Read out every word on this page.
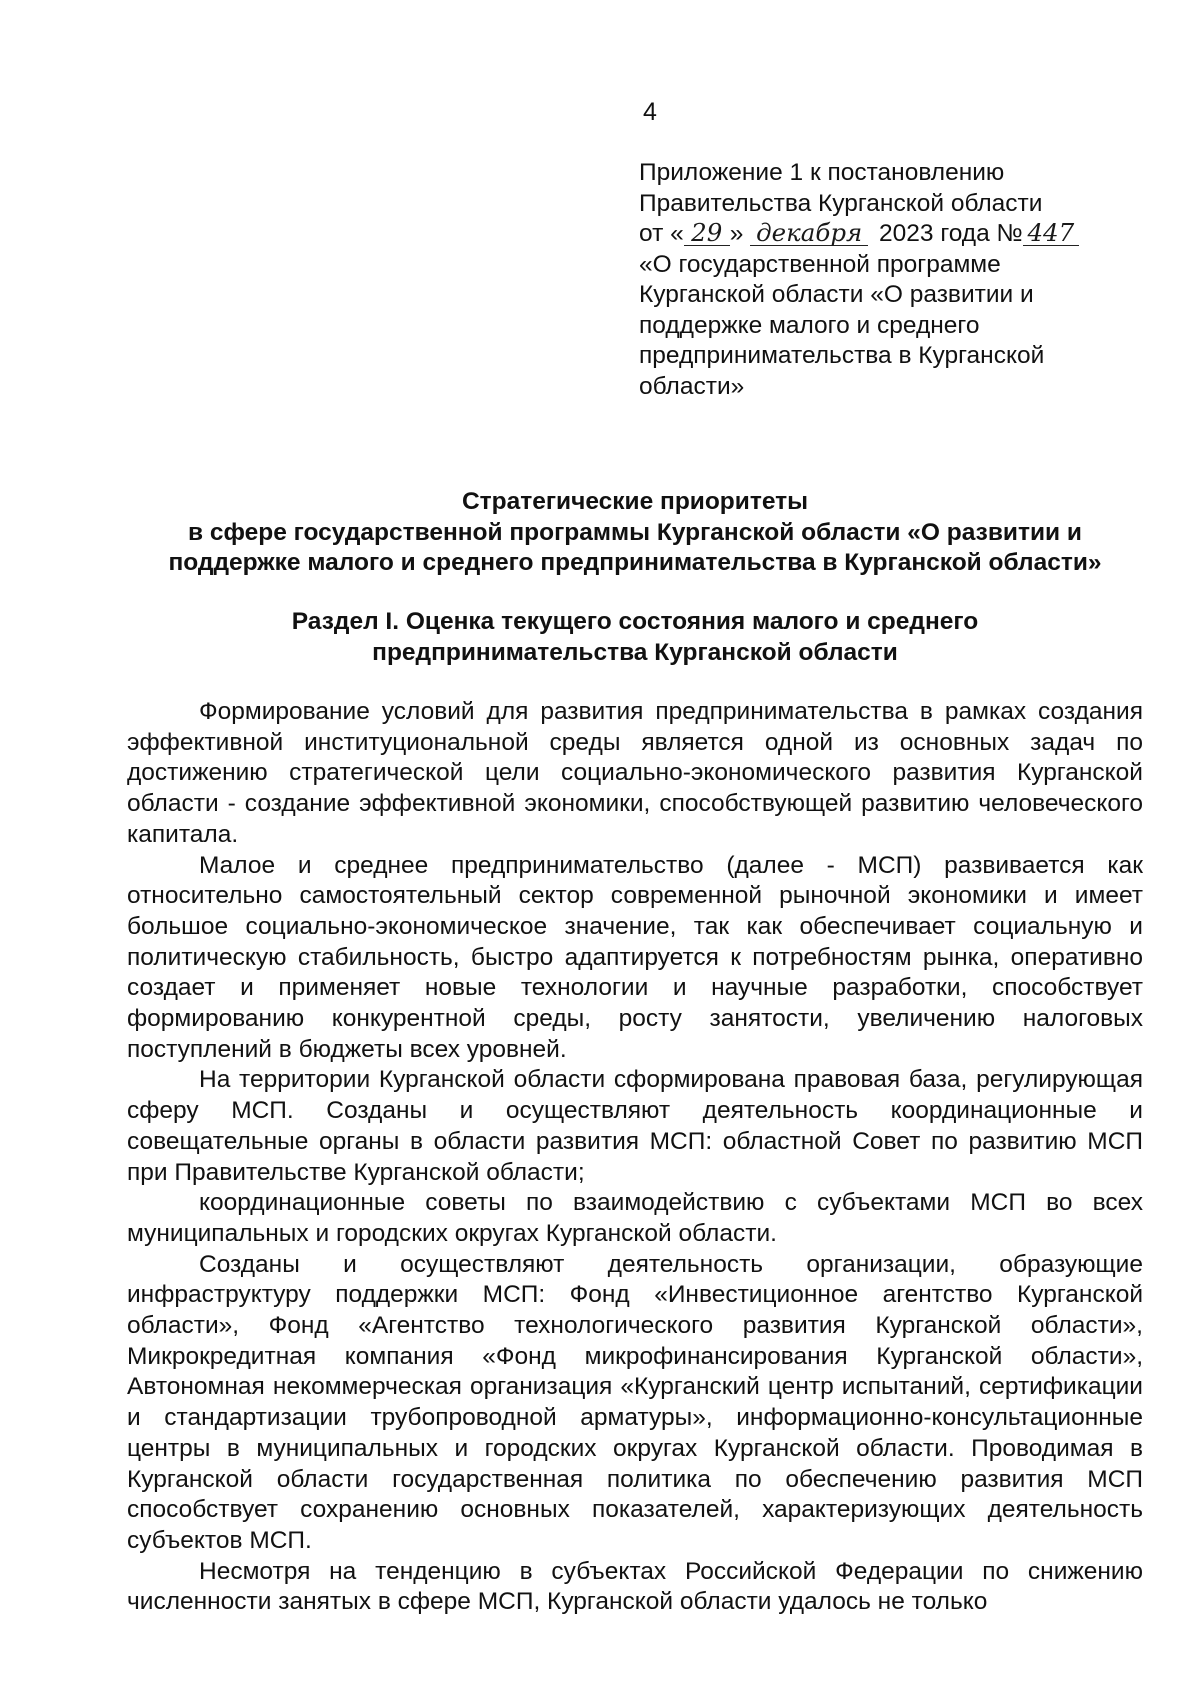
4
Приложение 1 к постановлению
Правительства Курганской области
от « 29 » декабря 2023 года № 447
«О государственной программе
Курганской области «О развитии и
поддержке малого и среднего
предпринимательства в Курганской
области»
Стратегические приоритеты
в сфере государственной программы Курганской области «О развитии и
поддержке малого и среднего предпринимательства в Курганской области»
Раздел I. Оценка текущего состояния малого и среднего
предпринимательства Курганской области

Формирование условий для развития предпринимательства в рамках создания эффективной институциональной среды является одной из основных задач по достижению стратегической цели социально-экономического развития Курганской области - создание эффективной экономики, способствующей развитию человеческого капитала.

Малое и среднее предпринимательство (далее - МСП) развивается как относительно самостоятельный сектор современной рыночной экономики и имеет большое социально-экономическое значение, так как обеспечивает социальную и политическую стабильность, быстро адаптируется к потребностям рынка, оперативно создает и применяет новые технологии и научные разработки, способствует формированию конкурентной среды, росту занятости, увеличению налоговых поступлений в бюджеты всех уровней.

На территории Курганской области сформирована правовая база, регулирующая сферу МСП. Созданы и осуществляют деятельность координационные и совещательные органы в области развития МСП: областной Совет по развитию МСП при Правительстве Курганской области;

координационные советы по взаимодействию с субъектами МСП во всех муниципальных и городских округах Курганской области.

Созданы и осуществляют деятельность организации, образующие инфраструктуру поддержки МСП: Фонд «Инвестиционное агентство Курганской области», Фонд «Агентство технологического развития Курганской области», Микрокредитная компания «Фонд микрофинансирования Курганской области», Автономная некоммерческая организация «Курганский центр испытаний, сертификации и стандартизации трубопроводной арматуры», информационно-консультационные центры в муниципальных и городских округах Курганской области. Проводимая в Курганской области государственная политика по обеспечению развития МСП способствует сохранению основных показателей, характеризующих деятельность субъектов МСП.

Несмотря на тенденцию в субъектах Российской Федерации по снижению численности занятых в сфере МСП, Курганской области удалось не только
